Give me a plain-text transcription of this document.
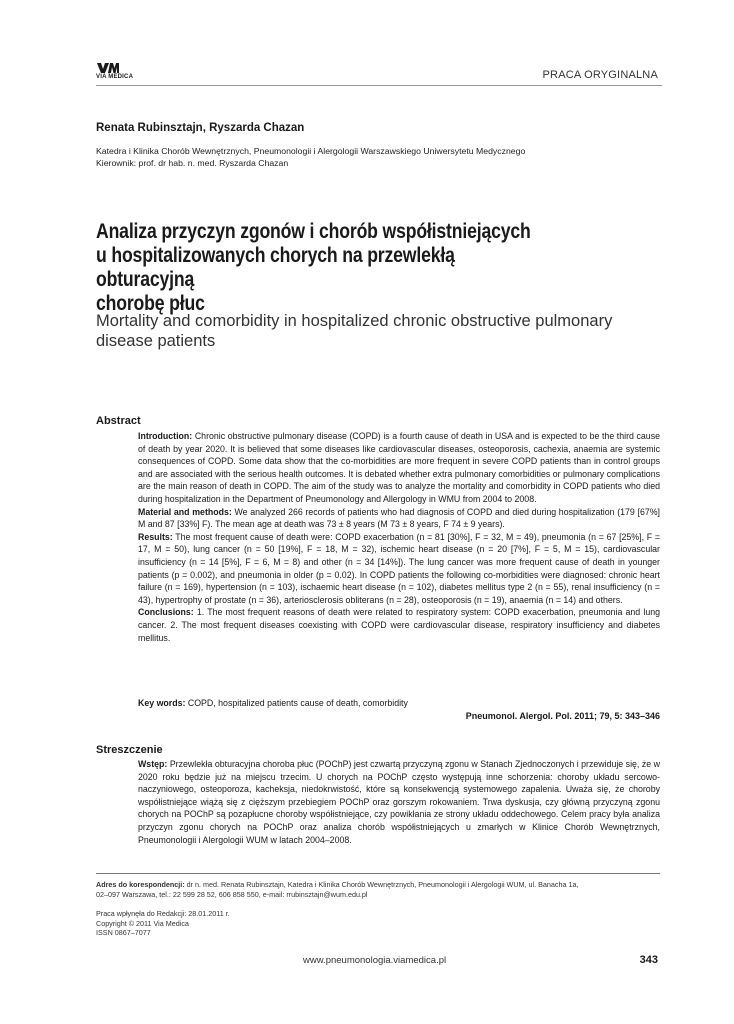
VIA MEDICA	PRACA ORYGINALNA
Renata Rubinsztajn, Ryszarda Chazan
Katedra i Klinika Chorób Wewnętrznych, Pneumonologii i Alergologii Warszawskiego Uniwersytetu Medycznego
Kierownik: prof. dr hab. n. med. Ryszarda Chazan
Analiza przyczyn zgonów i chorób współistniejących
u hospitalizowanych chorych na przewlekłą obturacyjną
chorobę płuc
Mortality and comorbidity in hospitalized chronic obstructive pulmonary
disease patients
Abstract

Introduction: Chronic obstructive pulmonary disease (COPD) is a fourth cause of death in USA and is expected to be the third cause of death by year 2020. It is believed that some diseases like cardiovascular diseases, osteoporosis, cachexia, anaemia are systemic consequences of COPD. Some data show that the co-morbidities are more frequent in severe COPD patients than in control groups and are associated with the serious health outcomes. It is debated whether extra pulmonary comorbidities or pulmonary complications are the main reason of death in COPD. The aim of the study was to analyze the mortality and comorbidity in COPD patients who died during hospitalization in the Department of Pneumonology and Allergology in WMU from 2004 to 2008.

Material and methods: We analyzed 266 records of patients who had diagnosis of COPD and died during hospitalization (179 [67%] M and 87 [33%] F). The mean age at death was 73 ± 8 years (M 73 ± 8 years, F 74 ± 9 years).

Results: The most frequent cause of death were: COPD exacerbation (n = 81 [30%], F = 32, M = 49), pneumonia (n = 67 [25%], F = 17, M = 50), lung cancer (n = 50 [19%], F = 18, M = 32), ischemic heart disease (n = 20 [7%], F = 5, M = 15), cardiovascular insufficiency (n = 14 [5%], F = 6, M = 8) and other (n = 34 [14%]). The lung cancer was more frequent cause of death in younger patients (p = 0.002), and pneumonia in older (p = 0.02). In COPD patients the following co-morbidities were diagnosed: chronic heart failure (n = 169), hypertension (n = 103), ischaemic heart disease (n = 102), diabetes mellitus type 2 (n = 55), renal insufficiency (n = 43), hypertrophy of prostate (n = 36), arteriosclerosis obliterans (n = 28), osteoporosis (n = 19), anaemia (n = 14) and others.

Conclusions: 1. The most frequent reasons of death were related to respiratory system: COPD exacerbation, pneumonia and lung cancer. 2. The most frequent diseases coexisting with COPD were cardiovascular disease, respiratory insufficiency and diabetes mellitus.

Key words: COPD, hospitalized patients cause of death, comorbidity
Pneumonol. Alergol. Pol. 2011; 79, 5: 343–346
Streszczenie

Wstęp: Przewlekła obturacyjna choroba płuc (POChP) jest czwartą przyczyną zgonu w Stanach Zjednoczonych i przewiduje się, że w 2020 roku będzie już na miejscu trzecim. U chorych na POChP często występują inne schorzenia: choroby układu sercowo-naczyniowego, osteoporoza, kacheksja, niedokrwistość, które są konsekwencją systemowego zapalenia. Uważa się, że choroby współistniejące wiążą się z cięższym przebiegiem POChP oraz gorszym rokowaniem. Trwa dyskusja, czy główną przyczyną zgonu chorych na POChP są pozapłucne choroby współistniejące, czy powikłania ze strony układu oddechowego. Celem pracy była analiza przyczyn zgonu chorych na POChP oraz analiza chorób współistniejących u zmarłych w Klinice Chorób Wewnętrznych, Pneumonologii i Alergologii WUM w latach 2004–2008.

Adres do korespondencji: dr n. med. Renata Rubinsztajn, Katedra i Klinika Chorób Wewnętrznych, Pneumonologii i Alergologii WUM, ul. Banacha 1a,
02–097 Warszawa, tel.: 22 599 28 52, 606 858 550, e-mail: rrubinsztajn@wum.edu.pl
Praca wpłynęła do Redakcji: 28.01.2011 r.
Copyright © 2011 Via Medica
ISSN 0867–7077
www.pneumonologia.viamedica.pl	343
